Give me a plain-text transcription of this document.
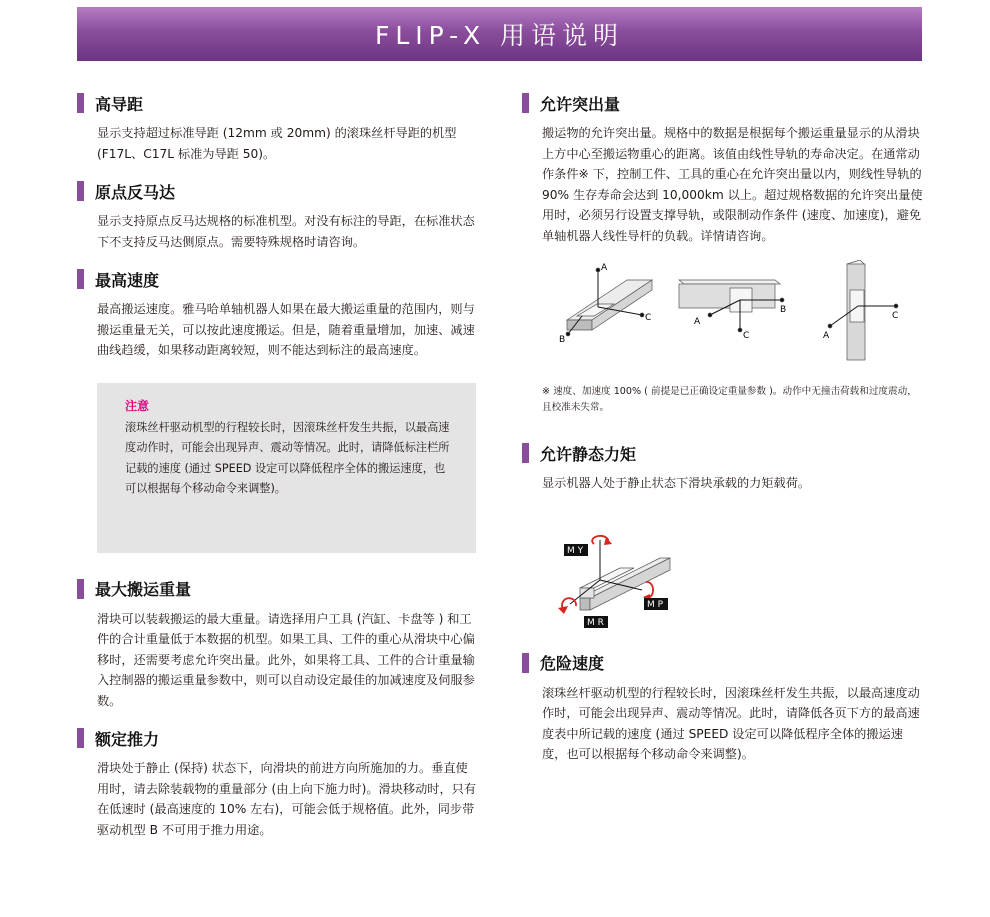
FLIP-X 用语说明
高导距
显示支持超过标准导距 (12mm 或 20mm) 的滚珠丝杆导距的机型 (F17L、C17L 标准为导距 50)。
原点反马达
显示支持原点反马达规格的标准机型。对没有标注的导距，在标准状态下不支持反马达侧原点。需要特殊规格时请咨询。
最高速度
最高搬运速度。雅马哈单轴机器人如果在最大搬运重量的范围内，则与搬运重量无关，可以按此速度搬运。但是，随着重量增加，加速、减速曲线趋缓，如果移动距离较短，则不能达到标注的最高速度。
注意
滚珠丝杆驱动机型的行程较长时，因滚珠丝杆发生共振，以最高速度动作时，可能会出现异声、震动等情况。此时，请降低标注栏所记载的速度 (通过 SPEED 设定可以降低程序全体的搬运速度，也可以根据每个移动命令来调整)。
最大搬运重量
滑块可以装载搬运的最大重量。请选择用户工具 (汽缸、卡盘等 ) 和工件的合计重量低于本数据的机型。如果工具、工件的重心从滑块中心偏移时，还需要考虑允许突出量。此外，如果将工具、工件的合计重量输入控制器的搬运重量参数中，则可以自动设定最佳的加减速度及伺服参数。
额定推力
滑块处于静止 (保持) 状态下，向滑块的前进方向所施加的力。垂直使用时，请去除装载物的重量部分 (由上向下施力时)。滑块移动时，只有在低速时 (最高速度的 10% 左右)，可能会低于规格值。此外，同步带驱动机型 B 不可用于推力用途。
允许突出量
搬运物的允许突出量。规格中的数据是根据每个搬运重量显示的从滑块上方中心至搬运物重心的距离。该值由线性导轨的寿命决定。在通常动作条件※ 下，控制工件、工具的重心在允许突出量以内，则线性导轨的 90% 生存寿命会达到 10,000km 以上。超过规格数据的允许突出量使用时，必须另行设置支撑导轨，或限制动作条件 (速度、加速度)，避免单轴机器人线性导杆的负载。详情请咨询。
A
C
B
A
B
C
C
A
※ 速度、加速度 100% ( 前提是已正确设定重量参数 )。动作中无撞击荷载和过度震动，且校准未失常。
允许静态力矩
显示机器人处于静止状态下滑块承载的力矩载荷。
M Y
M P
M R
危险速度
滚珠丝杆驱动机型的行程较长时，因滚珠丝杆发生共振，以最高速度动作时，可能会出现异声、震动等情况。此时，请降低各页下方的最高速度表中所记载的速度 (通过 SPEED 设定可以降低程序全体的搬运速度，也可以根据每个移动命令来调整)。
